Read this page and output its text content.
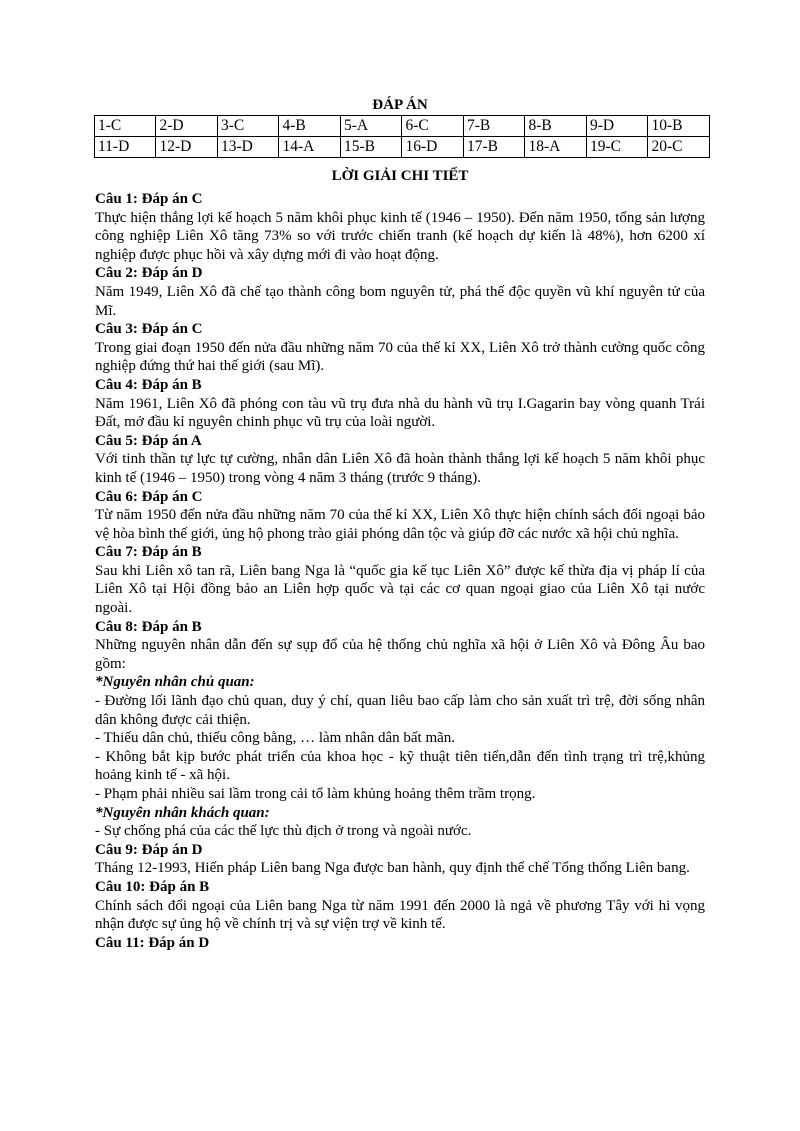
ĐÁP ÁN
1-C	2-D	3-C	4-B	5-A	6-C	7-B	8-B	9-D	10-B
11-D	12-D	13-D	14-A	15-B	16-D	17-B	18-A	19-C	20-C
LỜI GIẢI CHI TIẾT
Câu 1: Đáp án C
Thực hiện thắng lợi kế hoạch 5 năm khôi phục kinh tế (1946 – 1950). Đến năm 1950, tổng sản lượng công nghiệp Liên Xô tăng 73% so với trước chiến tranh (kế hoạch dự kiến là 48%), hơn 6200 xí nghiệp được phục hồi và xây dựng mới đi vào hoạt động.
Câu 2: Đáp án D
Năm 1949, Liên Xô đã chế tạo thành công bom nguyên tử, phá thế độc quyền vũ khí nguyên tử của Mĩ.
Câu 3: Đáp án C
Trong giai đoạn 1950 đến nửa đầu những năm 70 của thế kỉ XX, Liên Xô trở thành cường quốc công nghiệp đứng thứ hai thế giới (sau Mĩ).
Câu 4: Đáp án B
Năm 1961, Liên Xô đã phóng con tàu vũ trụ đưa nhà du hành vũ trụ I.Gagarin bay vòng quanh Trái Đất, mở đầu kỉ nguyên chinh phục vũ trụ của loài người.
Câu 5: Đáp án A
Với tinh thần tự lực tự cường, nhân dân Liên Xô đã hoàn thành thắng lợi kế hoạch 5 năm khôi phục kinh tế (1946 – 1950) trong vòng 4 năm 3 tháng (trước 9 tháng).
Câu 6: Đáp án C
Từ năm 1950 đến nửa đầu những năm 70 của thế kỉ XX, Liên Xô thực hiện chính sách đối ngoại bảo vệ hòa bình thế giới, ủng hộ phong trào giải phóng dân tộc và giúp đỡ các nước xã hội chủ nghĩa.
Câu 7: Đáp án B
Sau khi Liên xô tan rã, Liên bang Nga là “quốc gia kế tục Liên Xô” được kế thừa địa vị pháp lí của Liên Xô tại Hội đồng bảo an Liên hợp quốc và tại các cơ quan ngoại giao của Liên Xô tại nước ngoài.
Câu 8: Đáp án B
Những nguyên nhân dẫn đến sự sụp đổ của hệ thống chủ nghĩa xã hội ở Liên Xô và Đông Âu bao gồm:
*Nguyên nhân chủ quan:
- Đường lối lãnh đạo chủ quan, duy ý chí, quan liêu bao cấp làm cho sản xuất trì trệ, đời sống nhân dân không được cải thiện.
- Thiếu dân chủ, thiếu công bằng, … làm nhân dân bất mãn.
- Không bắt kịp bước phát triển của khoa học - kỹ thuật tiên tiến,dẫn đến tình trạng trì trệ,khủng hoảng kinh tế - xã hội.
- Phạm phải nhiều sai lầm trong cải tổ làm khủng hoảng thêm trầm trọng.
*Nguyên nhân khách quan:
- Sự chống phá của các thế lực thù địch ở trong và ngoài nước.
Câu 9: Đáp án D
Tháng 12-1993, Hiến pháp Liên bang Nga được ban hành, quy định thể chế Tổng thống Liên bang.
Câu 10: Đáp án B
Chính sách đối ngoại của Liên bang Nga từ năm 1991 đến 2000 là ngả về phương Tây với hi vọng nhận được sự ủng hộ về chính trị và sự viện trợ về kinh tế.
Câu 11: Đáp án D
